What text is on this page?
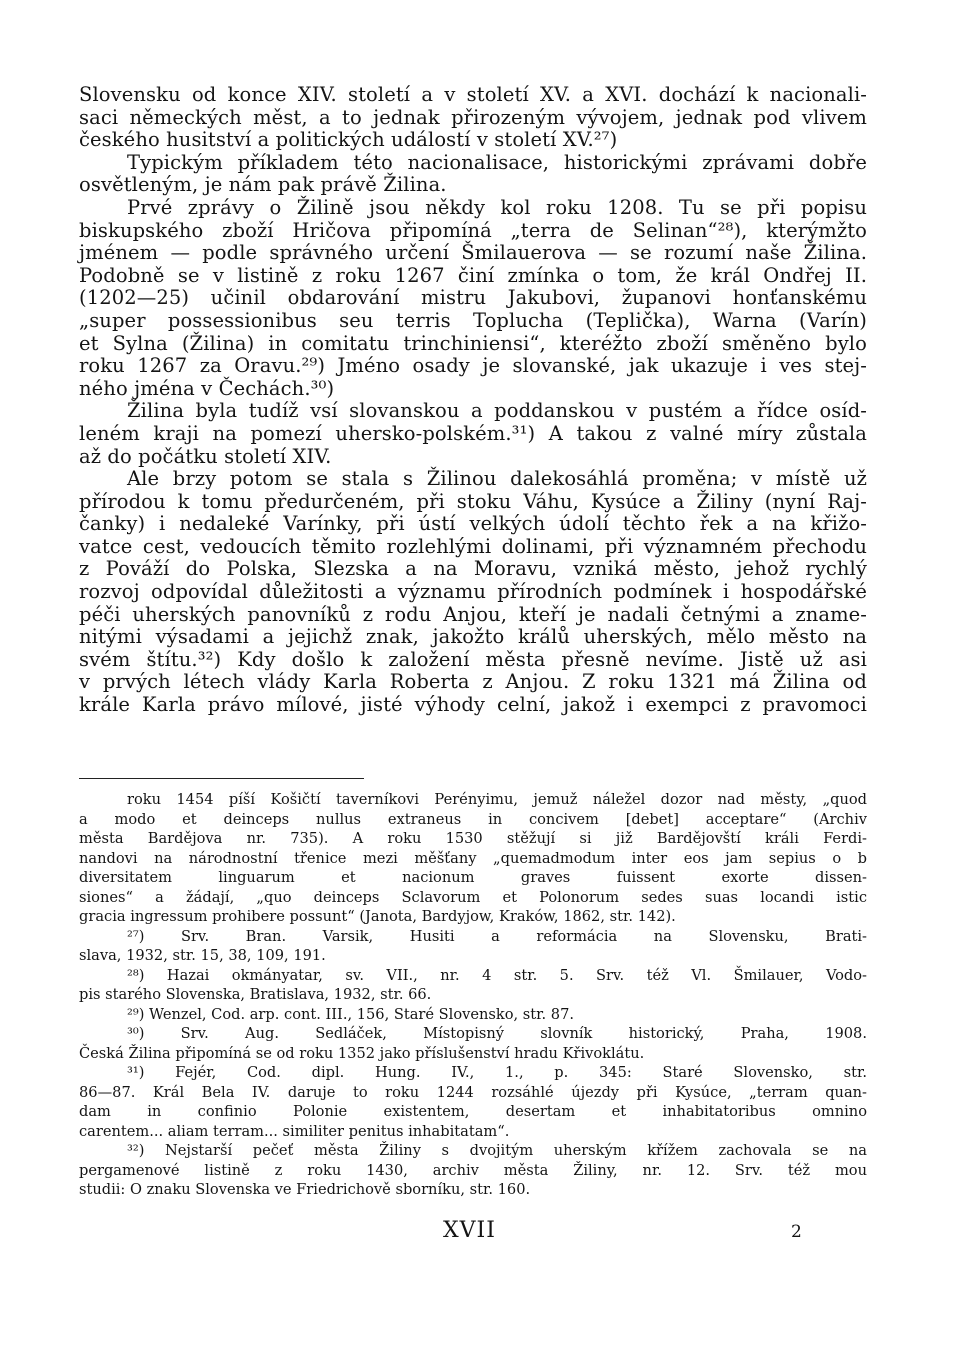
Slovensku od konce XIV. století a v století XV. a XVI. dochází k nacionali-

saci německých měst, a to jednak přirozeným vývojem, jednak pod vlivem

českého husitství a politických událostí v století XV.²⁷)

Typickým příkladem této nacionalisace, historickými zprávami dobře

osvětleným, je nám pak právě Žilina.

Prvé zprávy o Žilině jsou někdy kol roku 1208. Tu se při popisu

biskupského zboží Hričova připomíná „terra de Selinan“²⁸), kterýmžto

jménem — podle správného určení Šmilauerova — se rozumí naše Žilina.

Podobně se v listině z roku 1267 činí zmínka o tom, že král Ondřej II.

(1202—25) učinil obdarování mistru Jakubovi, županovi honťanskému

„super possessionibus seu terris Toplucha (Teplička), Warna (Varín)

et Sylna (Žilina) in comitatu trinchiniensi“, kteréžto zboží směněno bylo

roku 1267 za Oravu.²⁹) Jméno osady je slovanské, jak ukazuje i ves stej-

ného jména v Čechách.³⁰)

Žilina byla tudíž vsí slovanskou a poddanskou v pustém a řídce osíd-

leném kraji na pomezí uhersko-polském.³¹) A takou z valné míry zůstala

až do počátku století XIV.

Ale brzy potom se stala s Žilinou dalekosáhlá proměna; v místě už

přírodou k tomu předurčeném, při stoku Váhu, Kysúce a Žiliny (nyní Raj-

čanky) i nedaleké Varínky, při ústí velkých údolí těchto řek a na křižo-

vatce cest, vedoucích těmito rozlehlými dolinami, při významném přechodu

z Pováží do Polska, Slezska a na Moravu, vzniká město, jehož rychlý

rozvoj odpovídal důležitosti a významu přírodních podmínek i hospodářské

péči uherských panovníků z rodu Anjou, kteří je nadali četnými a zname-

nitými výsadami a jejichž znak, jakožto králů uherských, mělo město na

svém štítu.³²) Kdy došlo k založení města přesně nevíme. Jistě už asi

v prvých létech vlády Karla Roberta z Anjou. Z roku 1321 má Žilina od

krále Karla právo mílové, jisté výhody celní, jakož i exempci z pravomoci

roku 1454 píší Košičtí taverníkovi Perényimu, jemuž náležel dozor nad městy, „quod

a modo et deinceps nullus extraneus in concivem [debet] acceptare“ (Archiv

města Bardějova nr. 735). A roku 1530 stěžují si již Bardějovští králi Ferdi-

nandovi na národnostní třenice mezi měšťany „quemadmodum inter eos jam sepius o b

diversitatem linguarum et nacionum graves fuissent exorte dissen-

siones“ a žádají, „quo deinceps Sclavorum et Polonorum sedes suas locandi istic

gracia ingressum prohibere possunt“ (Janota, Bardyjow, Kraków, 1862, str. 142).

²⁷) Srv. Bran. Varsik, Husiti a reformácia na Slovensku, Brati-

slava, 1932, str. 15, 38, 109, 191.

²⁸) Hazai okmányatar, sv. VII., nr. 4 str. 5. Srv. též Vl. Šmilauer, Vodo-

pis starého Slovenska, Bratislava, 1932, str. 66.

²⁹) Wenzel, Cod. arp. cont. III., 156, Staré Slovensko, str. 87.

³⁰) Srv. Aug. Sedláček, Místopisný slovník historický, Praha, 1908.

Česká Žilina připomíná se od roku 1352 jako příslušenství hradu Křivoklátu.

³¹) Fejér, Cod. dipl. Hung. IV., 1., p. 345: Staré Slovensko, str.

86—87. Král Bela IV. daruje to roku 1244 rozsáhlé újezdy při Kysúce, „terram quan-

dam in confinio Polonie existentem, desertam et inhabitatoribus omnino

carentem... aliam terram... similiter penitus inhabitatam“.

³²) Nejstarší pečeť města Žiliny s dvojitým uherským křížem zachovala se na

pergamenové listině z roku 1430, archiv města Žiliny, nr. 12. Srv. též mou

studii: O znaku Slovenska ve Friedrichově sborníku, str. 160.

XVII	2
